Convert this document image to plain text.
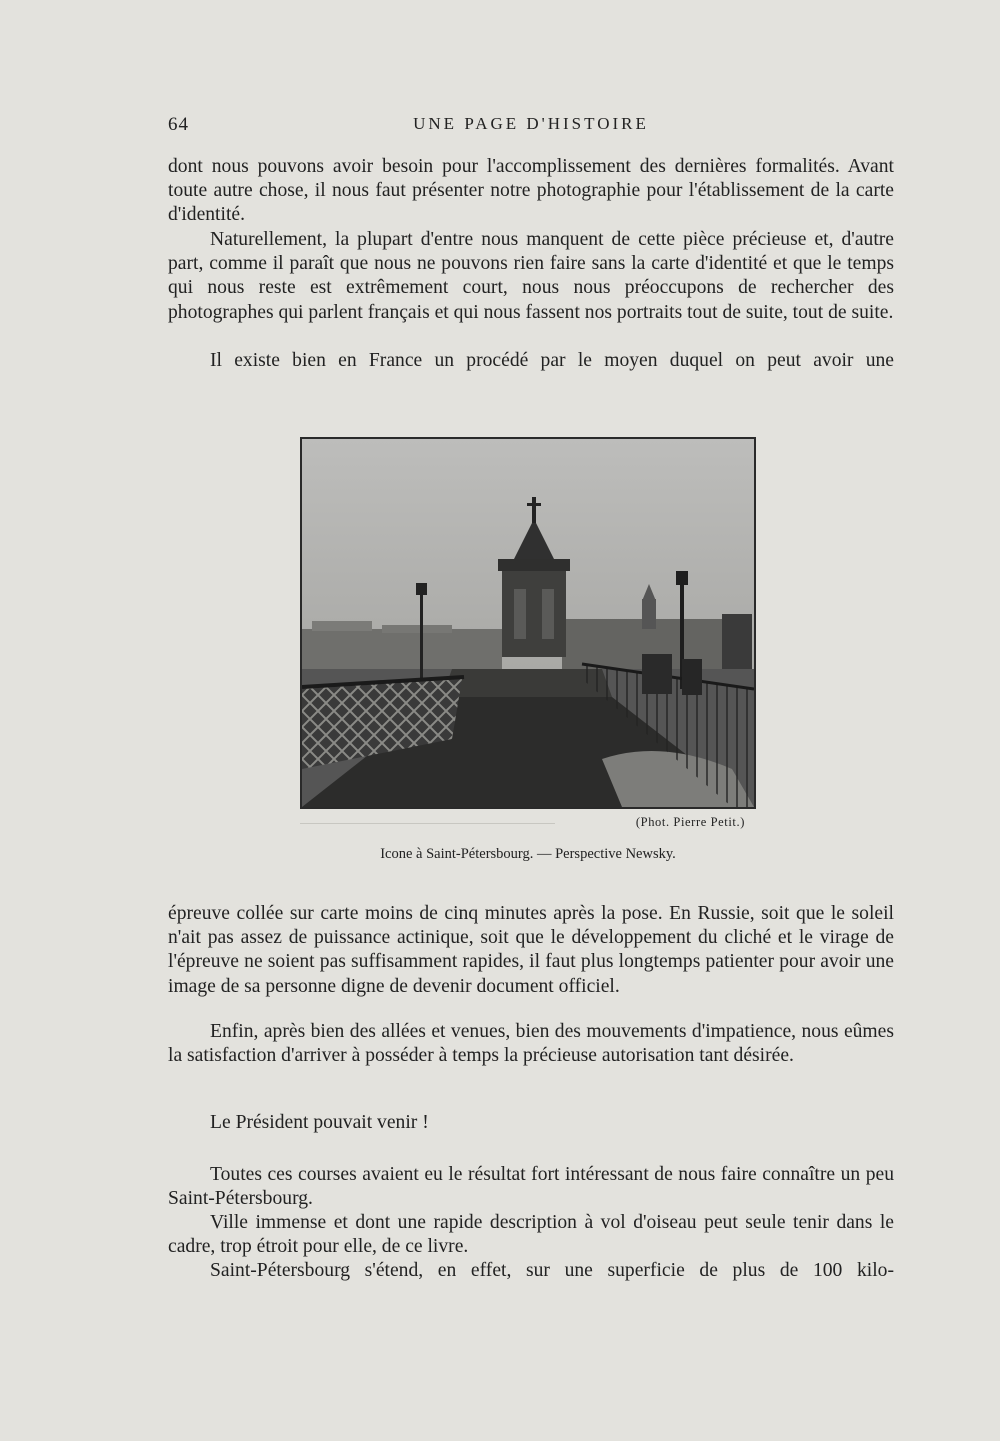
64	UNE PAGE D'HISTOIRE

dont nous pouvons avoir besoin pour l'accomplissement des dernières formalités. Avant toute autre chose, il nous faut présenter notre photographie pour l'établissement de la carte d'identité.

Naturellement, la plupart d'entre nous manquent de cette pièce précieuse et, d'autre part, comme il paraît que nous ne pouvons rien faire sans la carte d'identité et que le temps qui nous reste est extrêmement court, nous nous préoccupons de rechercher des photographes qui parlent français et qui nous fassent nos portraits tout de suite, tout de suite.

Il existe bien en France un procédé par le moyen duquel on peut avoir une

(Phot. Pierre Petit.)
Icone à Saint-Pétersbourg. — Perspective Newsky.

épreuve collée sur carte moins de cinq minutes après la pose. En Russie, soit que le soleil n'ait pas assez de puissance actinique, soit que le développement du cliché et le virage de l'épreuve ne soient pas suffisamment rapides, il faut plus longtemps patienter pour avoir une image de sa personne digne de devenir document officiel.

Enfin, après bien des allées et venues, bien des mouvements d'impatience, nous eûmes la satisfaction d'arriver à posséder à temps la précieuse autorisation tant désirée.

Le Président pouvait venir !

Toutes ces courses avaient eu le résultat fort intéressant de nous faire connaître un peu Saint-Pétersbourg.

Ville immense et dont une rapide description à vol d'oiseau peut seule tenir dans le cadre, trop étroit pour elle, de ce livre.

Saint-Pétersbourg s'étend, en effet, sur une superficie de plus de 100 kilo-
